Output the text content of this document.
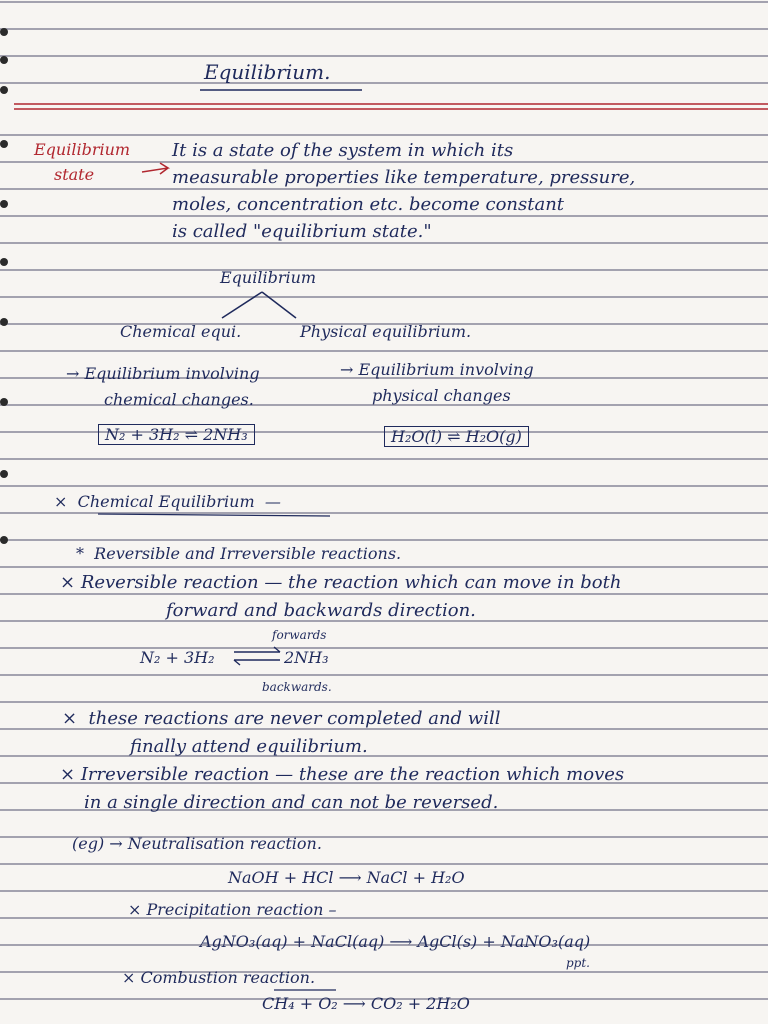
Equilibrium.
Equilibrium
state
It is a state of the system in which its
measurable properties like temperature, pressure,
moles, concentration etc. become constant
is called "equilibrium state."
Equilibrium
Chemical equi.	Physical equilibrium.
→ Equilibrium involving
chemical changes.
N₂ + 3H₂ ⇌ 2NH₃
→ Equilibrium involving
physical changes
H₂O(l) ⇌ H₂O(g)
×  Chemical Equilibrium  —
*  Reversible and Irreversible reactions.
× Reversible reaction — the reaction which can move in both
forward and backwards direction.
forwards
N₂ + 3H₂	2NH₃
backwards.
×  these reactions are never completed and will
finally attend equilibrium.
× Irreversible reaction — these are the reaction which moves
in a single direction and can not be reversed.
(eg) → Neutralisation reaction.
NaOH + HCl ⟶ NaCl + H₂O
× Precipitation reaction –
AgNO₃(aq) + NaCl(aq) ⟶ AgCl(s) + NaNO₃(aq)
ppt.
× Combustion reaction.
CH₄ + O₂ ⟶ CO₂ + 2H₂O
